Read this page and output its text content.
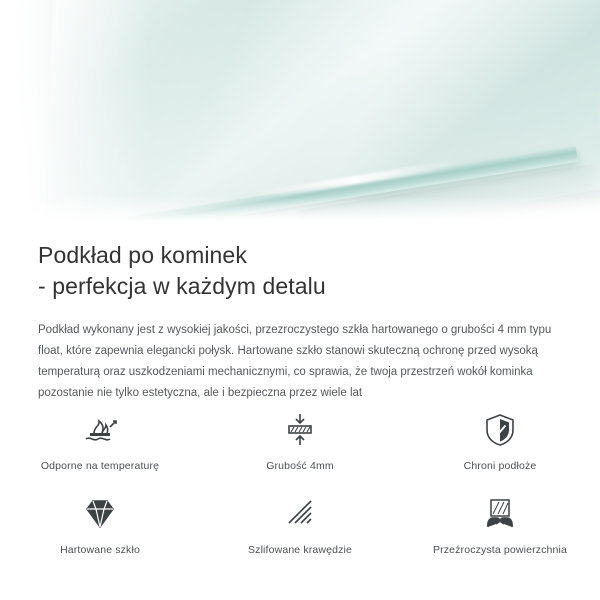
Podkład po kominek
- perfekcja w każdym detalu

Podkład wykonany jest z wysokiej jakości, przezroczystego szkła hartowanego o grubości 4 mm typu float, które zapewnia elegancki połysk. Hartowane szkło stanowi skuteczną ochronę przed wysoką temperaturą oraz uszkodzeniami mechanicznymi, co sprawia, że twoja przestrzeń wokół kominka pozostanie nie tylko estetyczna, ale i bezpieczna przez wiele lat

Odporne na temperaturę	Grubość 4mm	Chroni podłoże
Hartowane szkło	Szlifowane krawędzie	Przeźroczysta powierzchnia
